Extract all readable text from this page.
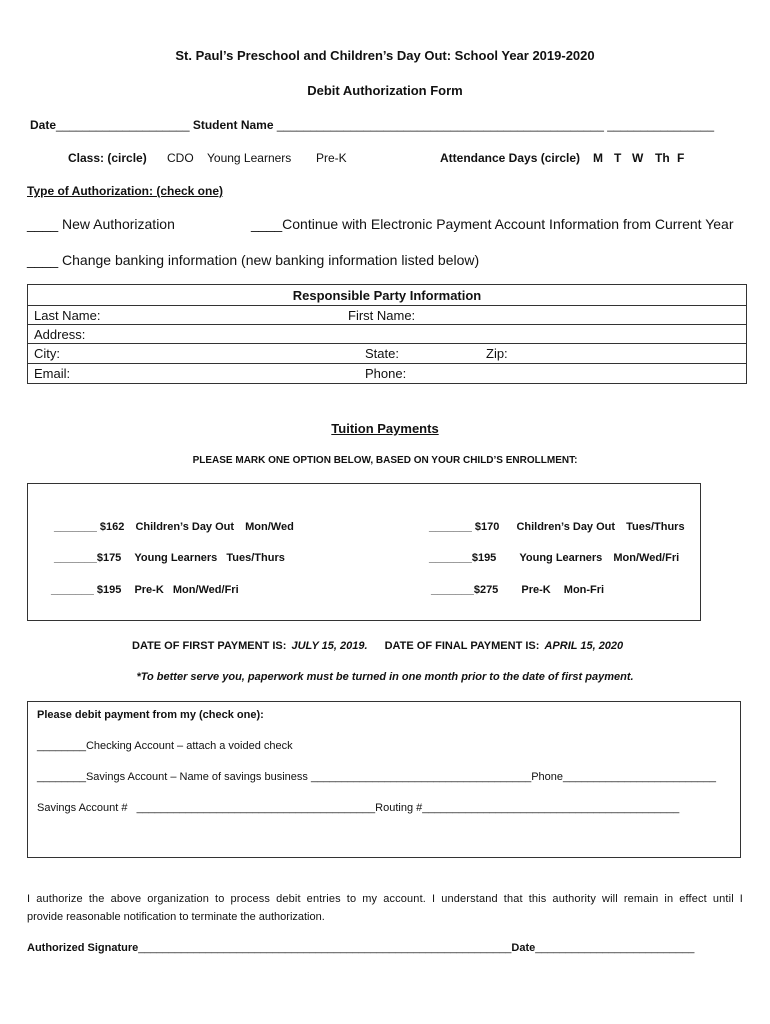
St. Paul’s Preschool and Children’s Day Out: School Year 2019-2020
Debit Authorization Form
Date____________________ Student Name _________________________________________________ ________________
Class: (circle) CDO Young Learners Pre-K	Attendance Days (circle) M T W Th F
Type of Authorization: (check one)
____ New Authorization	____Continue with Electronic Payment Account Information from Current Year
____ Change banking information (new banking information listed below)
Responsible Party Information
Last Name:	First Name:
Address:
City:	State:	Zip:
Email:	Phone:
Tuition Payments
PLEASE MARK ONE OPTION BELOW, BASED ON YOUR CHILD’S ENROLLMENT:
_______ $162 Children’s Day Out Mon/Wed
_______$175 Young Learners Tues/Thurs
_______ $195 Pre-K Mon/Wed/Fri
_______ $170 Children’s Day Out Tues/Thurs
_______$195 Young Learners Mon/Wed/Fri
_______$275 Pre-K Mon-Fri
DATE OF FIRST PAYMENT IS: JULY 15, 2019. DATE OF FINAL PAYMENT IS: APRIL 15, 2020
*To better serve you, paperwork must be turned in one month prior to the date of first payment.
Please debit payment from my (check one):
________Checking Account – attach a voided check
________Savings Account – Name of savings business ____________________________________Phone_________________________
Savings Account # _______________________________________Routing #__________________________________________
I authorize the above organization to process debit entries to my account. I understand that this authority will remain in effect until I
provide reasonable notification to terminate the authorization.
Authorized Signature_____________________________________________________________Date__________________________
